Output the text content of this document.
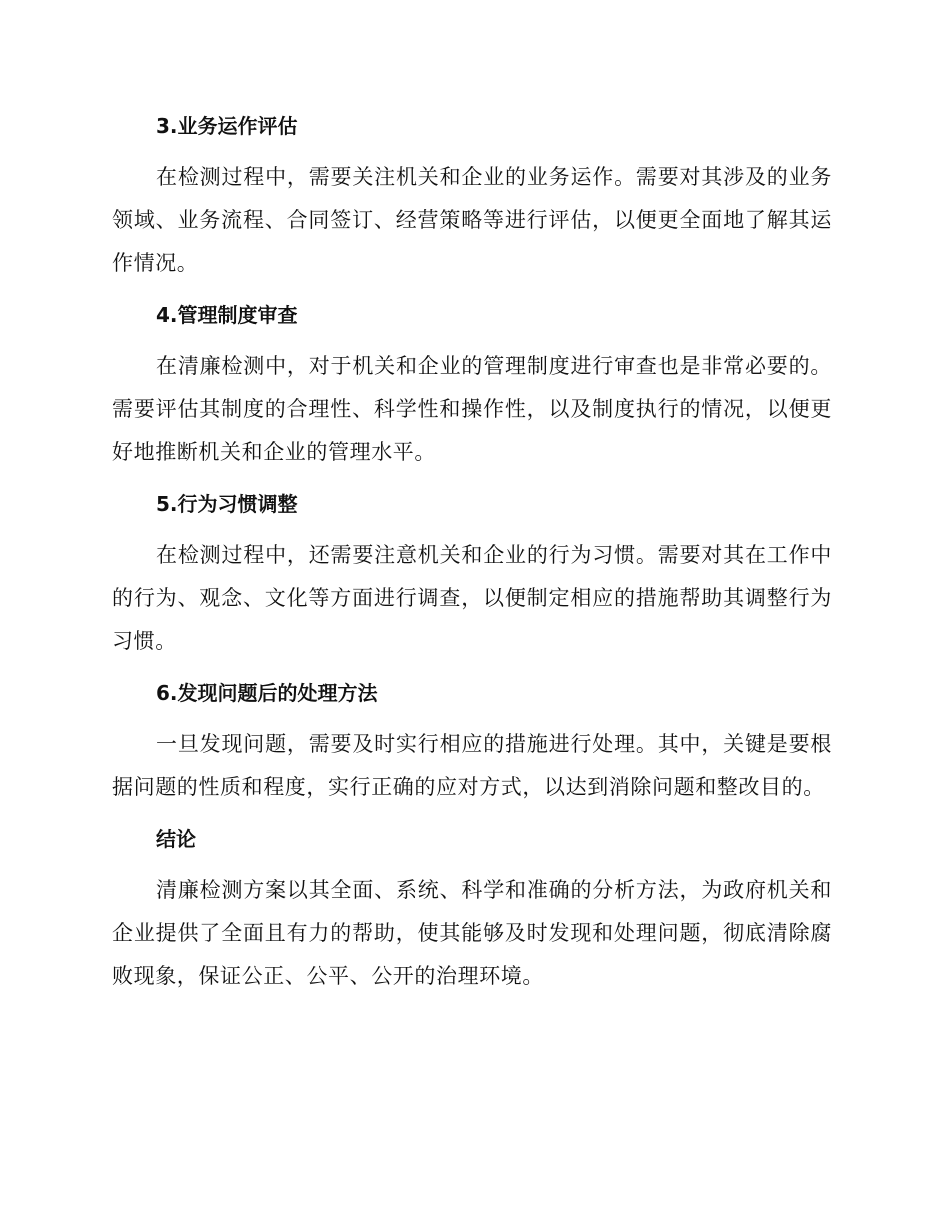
3.业务运作评估

在检测过程中，需要关注机关和企业的业务运作。需要对其涉及的业务领域、业务流程、合同签订、经营策略等进行评估，以便更全面地了解其运作情况。

4.管理制度审查

在清廉检测中，对于机关和企业的管理制度进行审查也是非常必要的。需要评估其制度的合理性、科学性和操作性，以及制度执行的情况，以便更好地推断机关和企业的管理水平。

5.行为习惯调整

在检测过程中，还需要注意机关和企业的行为习惯。需要对其在工作中的行为、观念、文化等方面进行调查，以便制定相应的措施帮助其调整行为习惯。

6.发现问题后的处理方法

一旦发现问题，需要及时实行相应的措施进行处理。其中，关键是要根据问题的性质和程度，实行正确的应对方式，以达到消除问题和整改目的。

结论

清廉检测方案以其全面、系统、科学和准确的分析方法，为政府机关和企业提供了全面且有力的帮助，使其能够及时发现和处理问题，彻底清除腐败现象，保证公正、公平、公开的治理环境。
